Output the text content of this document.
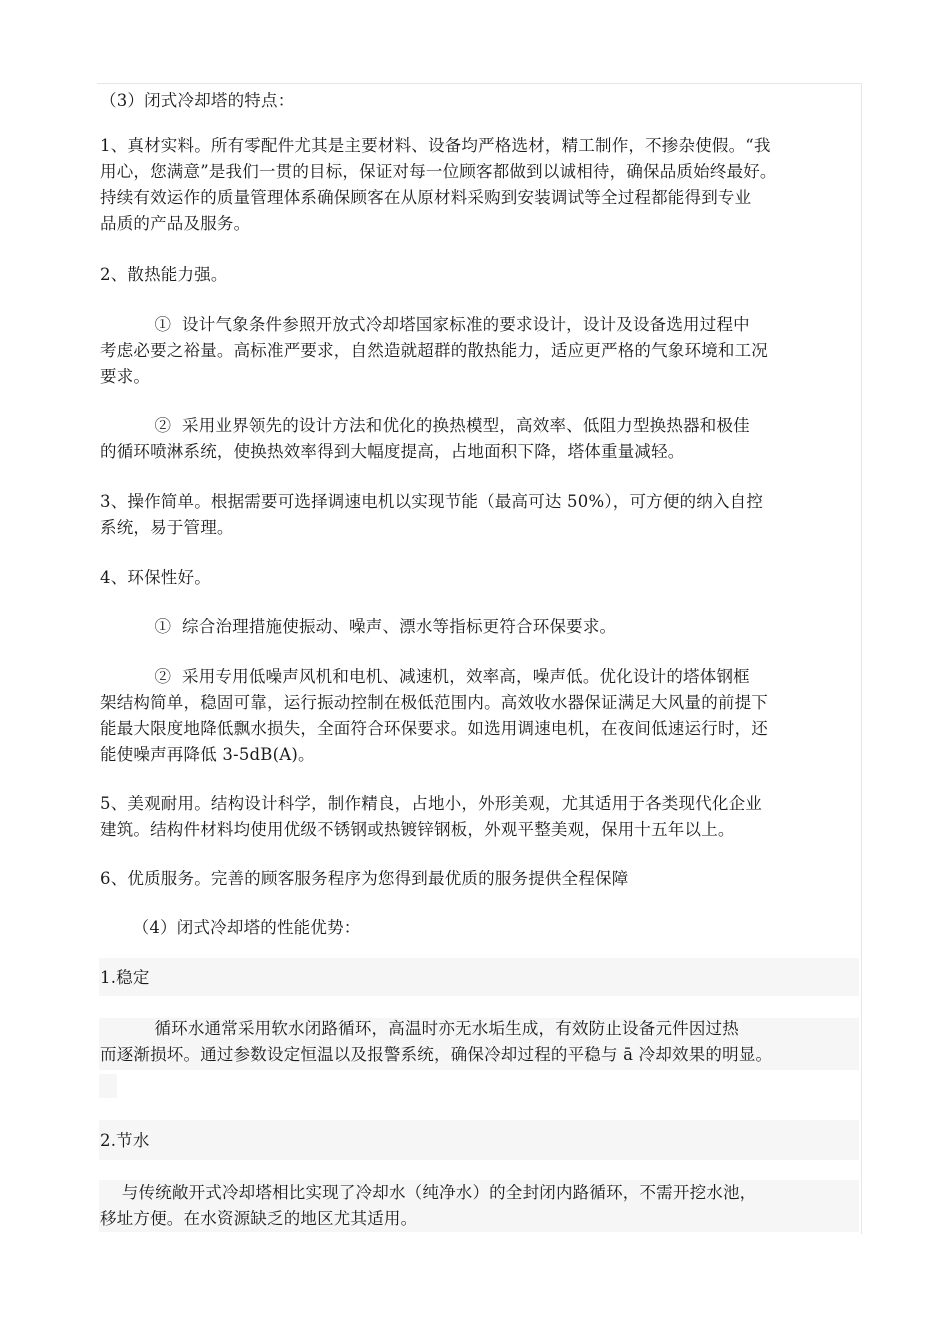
（3）闭式冷却塔的特点：
1、真材实料。所有零配件尤其是主要材料、设备均严格选材，精工制作，不掺杂使假。“我
用心，您满意”是我们一贯的目标，保证对每一位顾客都做到以诚相待，确保品质始终最好。
持续有效运作的质量管理体系确保顾客在从原材料采购到安装调试等全过程都能得到专业
品质的产品及服务。
2、散热能力强。
①  设计气象条件参照开放式冷却塔国家标准的要求设计，设计及设备选用过程中
考虑必要之裕量。高标准严要求，自然造就超群的散热能力，适应更严格的气象环境和工况
要求。
②  采用业界领先的设计方法和优化的换热模型，高效率、低阻力型换热器和极佳
的循环喷淋系统，使换热效率得到大幅度提高，占地面积下降，塔体重量减轻。
3、操作简单。根据需要可选择调速电机以实现节能（最高可达 50%），可方便的纳入自控
系统，易于管理。
4、环保性好。
①  综合治理措施使振动、噪声、漂水等指标更符合环保要求。
②  采用专用低噪声风机和电机、减速机，效率高，噪声低。优化设计的塔体钢框
架结构简单，稳固可靠，运行振动控制在极低范围内。高效收水器保证满足大风量的前提下
能最大限度地降低飘水损失，全面符合环保要求。如选用调速电机，在夜间低速运行时，还
能使噪声再降低 3-5dB(A)。
5、美观耐用。结构设计科学，制作精良，占地小，外形美观，尤其适用于各类现代化企业
建筑。结构件材料均使用优级不锈钢或热镀锌钢板，外观平整美观，保用十五年以上。
6、优质服务。完善的顾客服务程序为您得到最优质的服务提供全程保障
（4）闭式冷却塔的性能优势：
1.稳定
循环水通常采用软水闭路循环，高温时亦无水垢生成，有效防止设备元件因过热
而逐渐损坏。通过参数设定恒温以及报警系统，确保冷却过程的平稳与 ā 冷却效果的明显。
2.节水
与传统敞开式冷却塔相比实现了冷却水（纯净水）的全封闭内路循环，不需开挖水池，
移址方便。在水资源缺乏的地区尤其适用。
